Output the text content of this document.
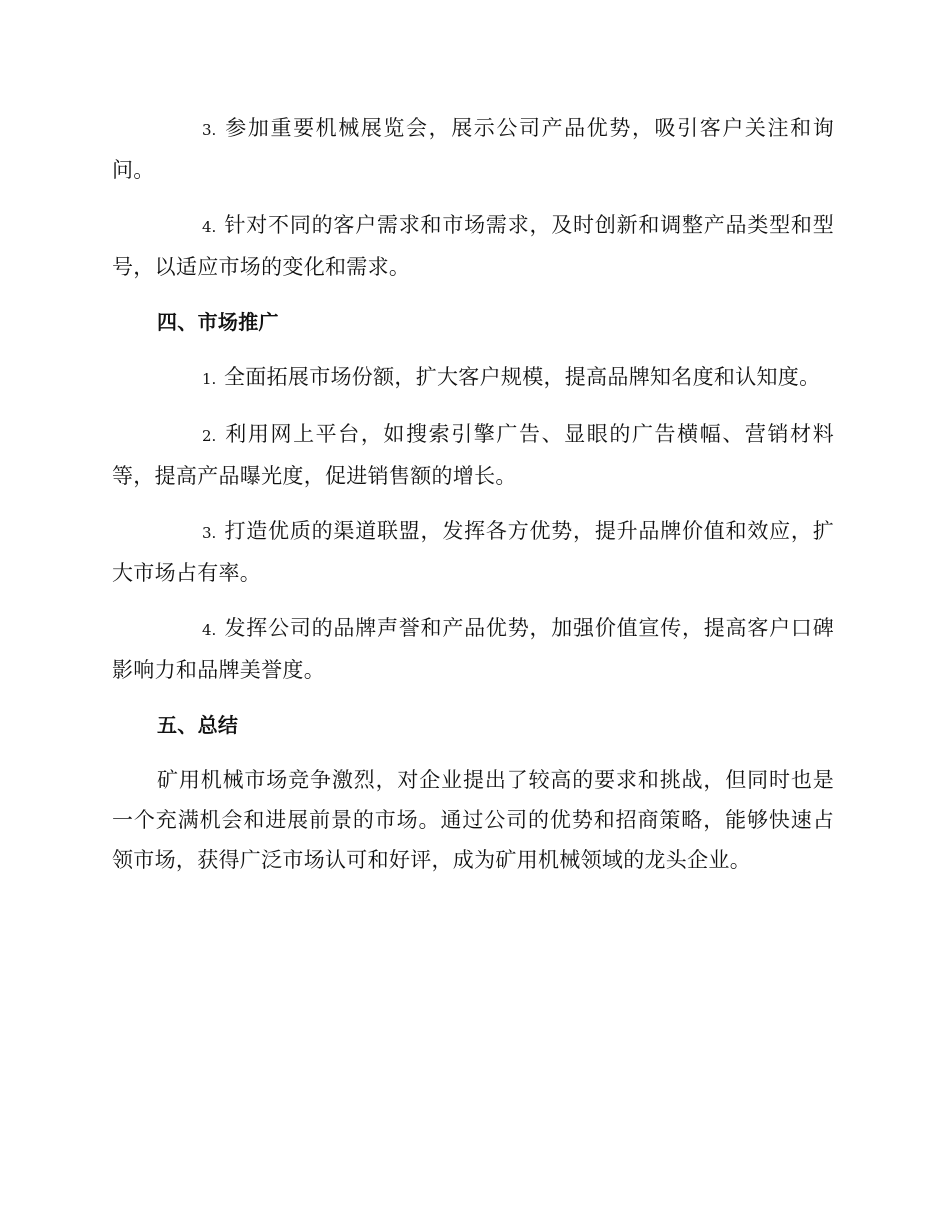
3. 参加重要机械展览会，展示公司产品优势，吸引客户关注和询问。

4. 针对不同的客户需求和市场需求，及时创新和调整产品类型和型号，以适应市场的变化和需求。

四、市场推广

1. 全面拓展市场份额，扩大客户规模，提高品牌知名度和认知度。

2. 利用网上平台，如搜索引擎广告、显眼的广告横幅、营销材料等，提高产品曝光度，促进销售额的增长。

3. 打造优质的渠道联盟，发挥各方优势，提升品牌价值和效应，扩大市场占有率。

4. 发挥公司的品牌声誉和产品优势，加强价值宣传，提高客户口碑影响力和品牌美誉度。

五、总结

矿用机械市场竞争激烈，对企业提出了较高的要求和挑战，但同时也是一个充满机会和进展前景的市场。通过公司的优势和招商策略，能够快速占领市场，获得广泛市场认可和好评，成为矿用机械领域的龙头企业。
